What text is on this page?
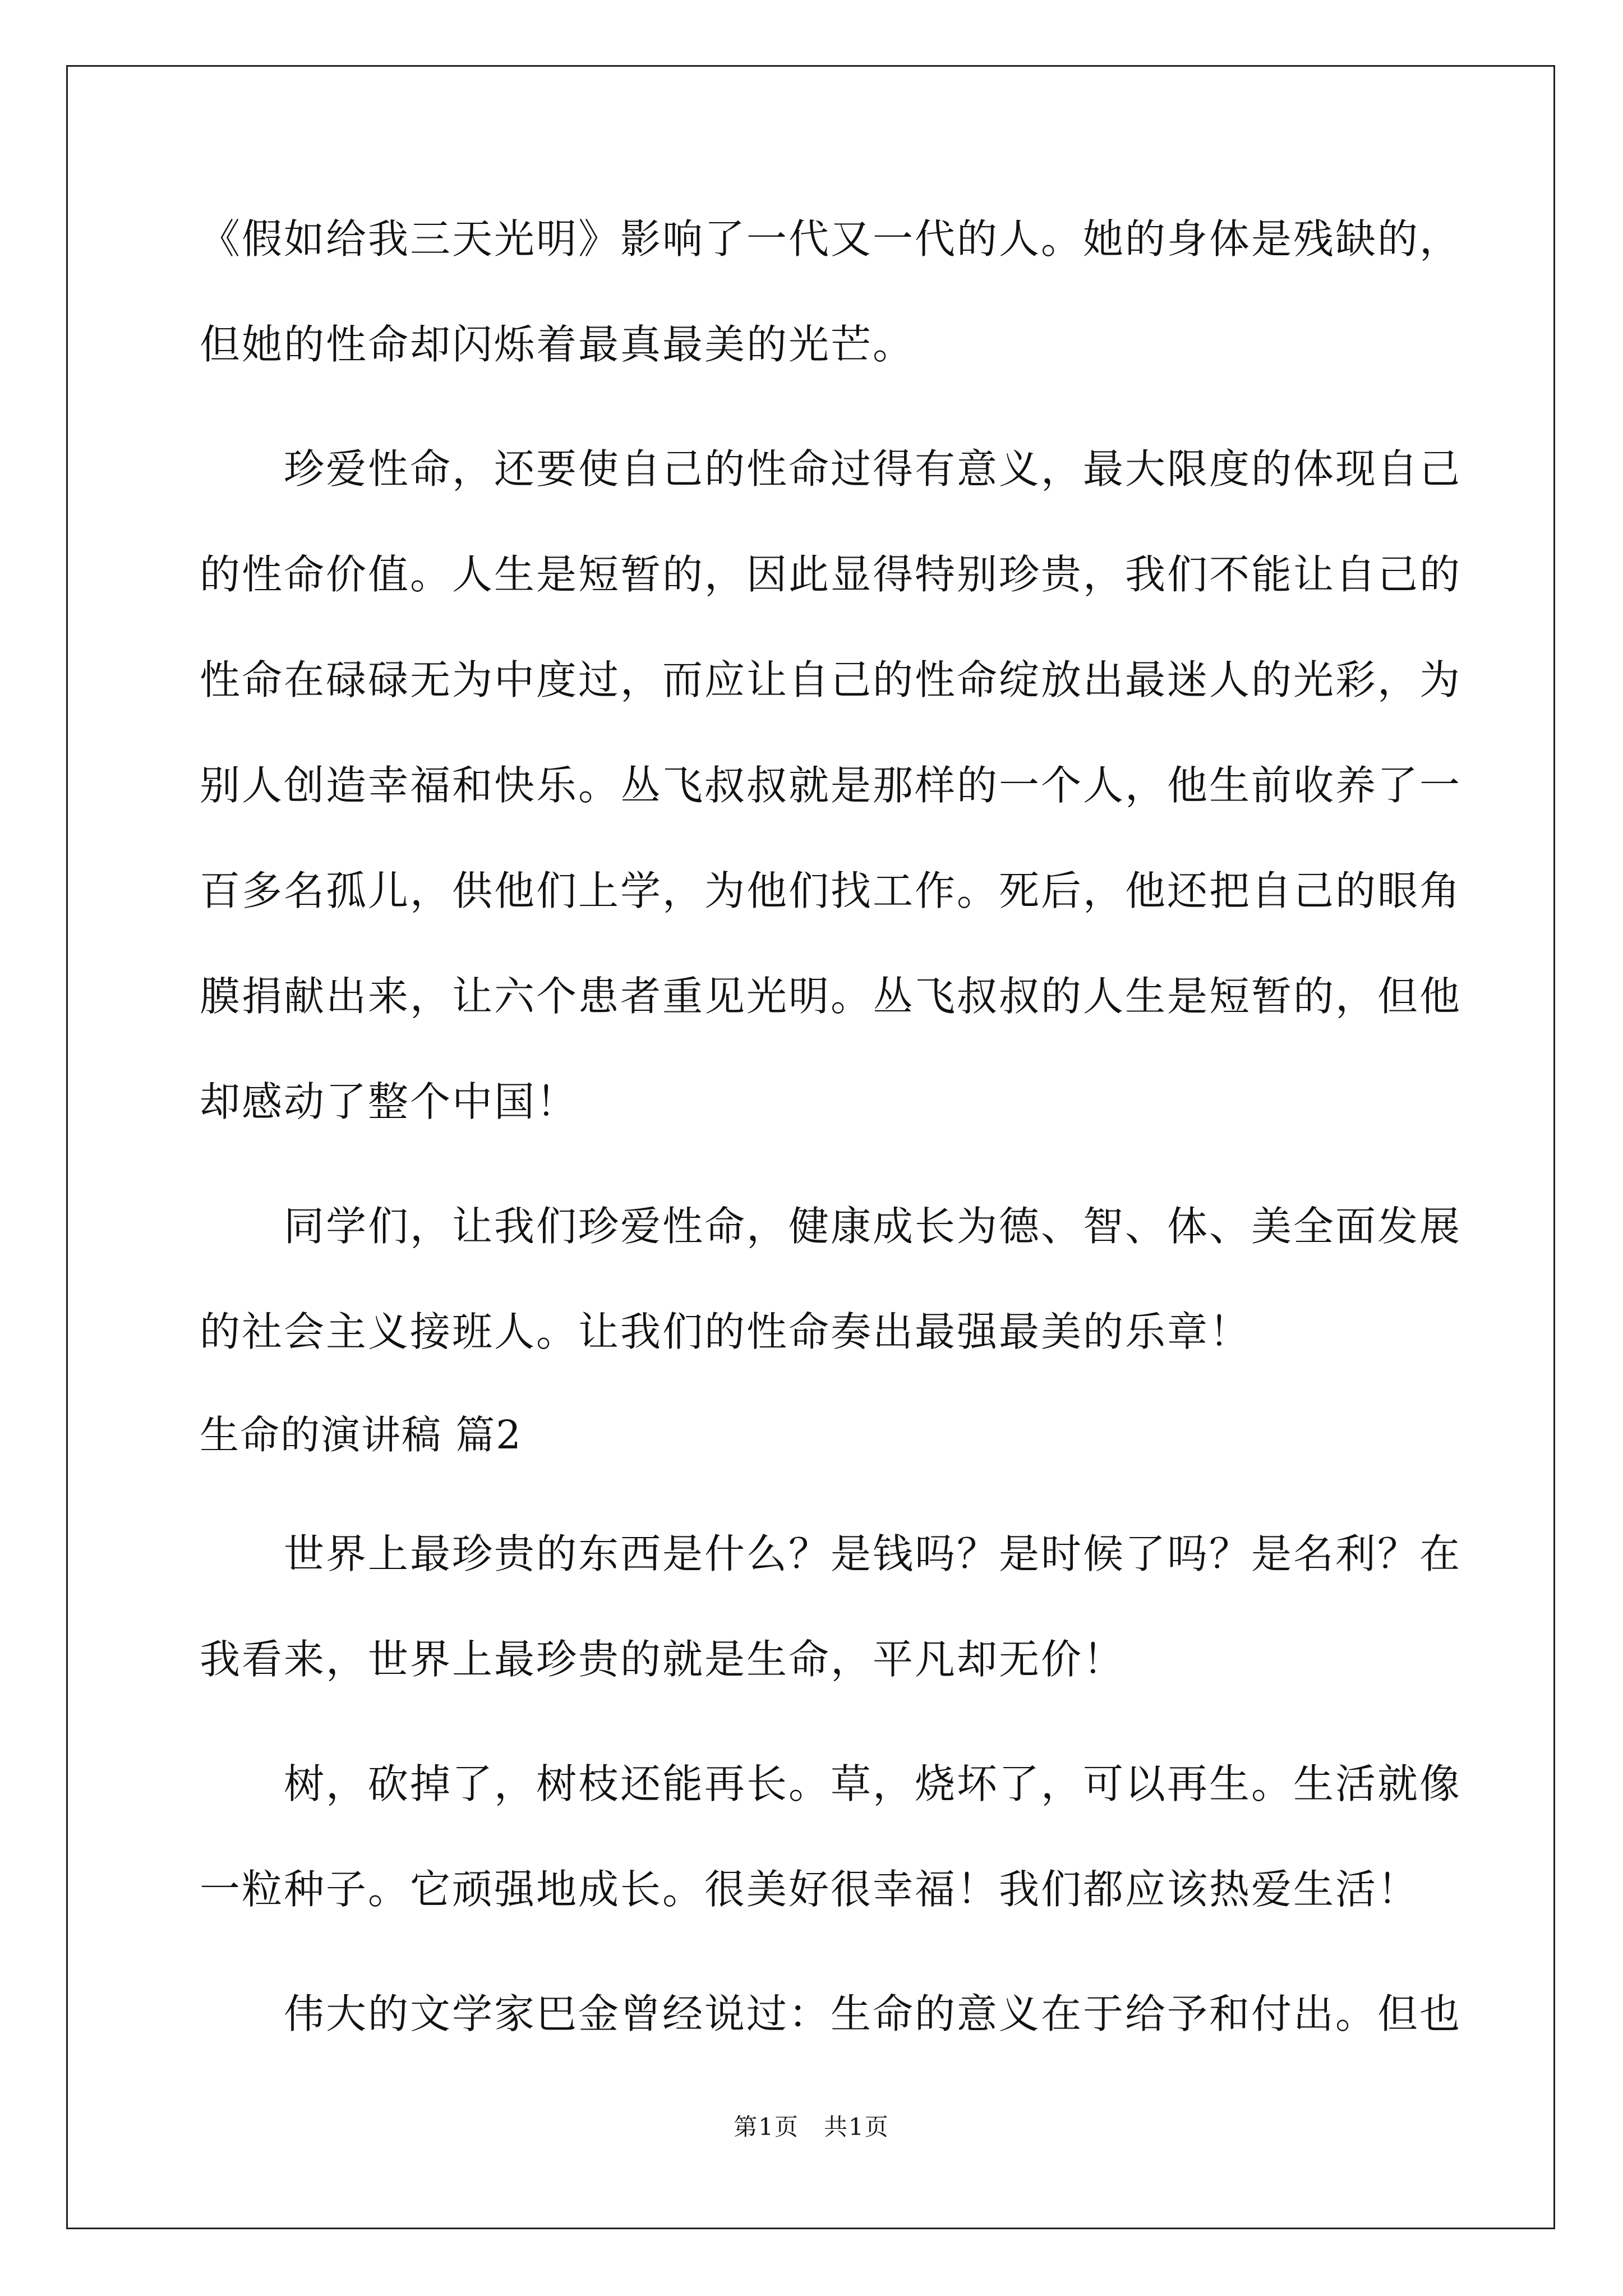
《假如给我三天光明》影响了一代又一代的人。她的身体是残缺的，
但她的性命却闪烁着最真最美的光芒。
珍爱性命，还要使自己的性命过得有意义，最大限度的体现自己
的性命价值。人生是短暂的，因此显得特别珍贵，我们不能让自己的
性命在碌碌无为中度过，而应让自己的性命绽放出最迷人的光彩，为
别人创造幸福和快乐。丛飞叔叔就是那样的一个人，他生前收养了一
百多名孤儿，供他们上学，为他们找工作。死后，他还把自己的眼角
膜捐献出来，让六个患者重见光明。丛飞叔叔的人生是短暂的，但他
却感动了整个中国！
同学们，让我们珍爱性命，健康成长为德、智、体、美全面发展
的社会主义接班人。让我们的性命奏出最强最美的乐章！
生命的演讲稿 篇2
世界上最珍贵的东西是什么？是钱吗？是时候了吗？是名利？在
我看来，世界上最珍贵的就是生命，平凡却无价！
树，砍掉了，树枝还能再长。草，烧坏了，可以再生。生活就像
一粒种子。它顽强地成长。很美好很幸福！我们都应该热爱生活！
伟大的文学家巴金曾经说过：生命的意义在于给予和付出。但也
第1页　共1页
